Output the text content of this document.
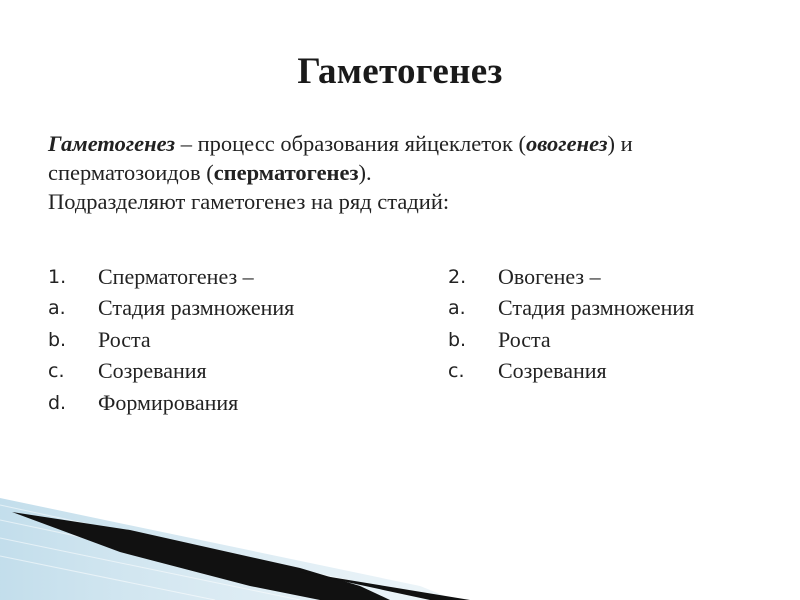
Гаметогенез
Гаметогенез – процесс образования яйцеклеток (овогенез) и
сперматозоидов (сперматогенез).
Подразделяют гаметогенез на ряд стадий:
1.	Сперматогенез –
a.	Стадия размножения
b.	Роста
c.	Созревания
d.	Формирования
2.	Овогенез –
a.	Стадия размножения
b.	Роста
c.	Созревания
